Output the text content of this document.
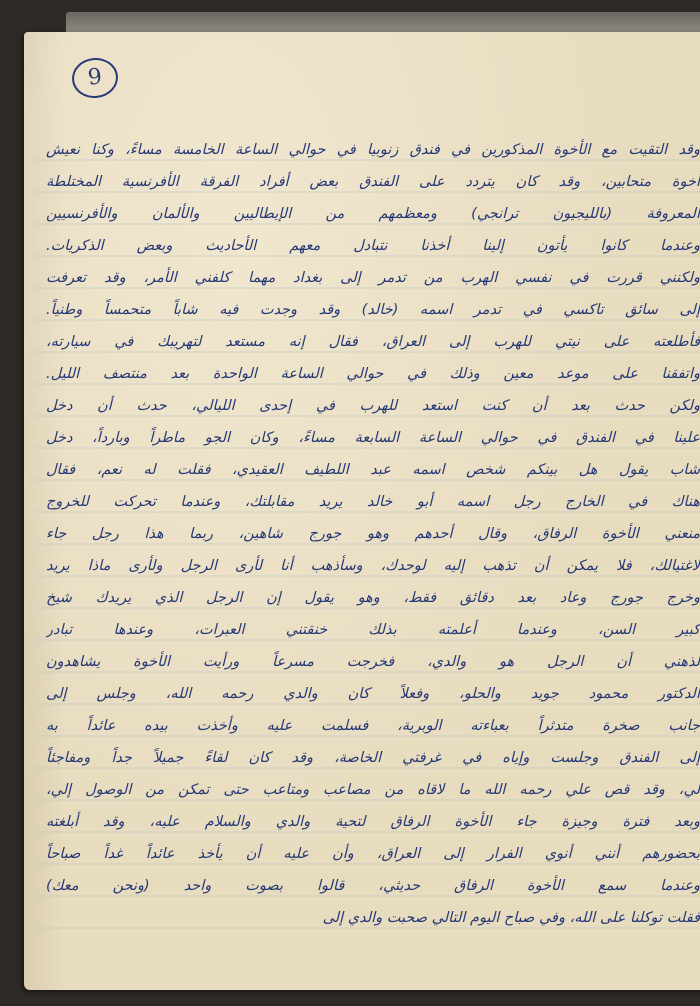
9
وقد التقيت مع الأخوة المذكورين في فندق زنوبيا في حوالي الساعة الخامسة مساءً، وكنا نعيش
أخوة متحابين، وقد كان يتردد على الفندق بعض أفراد الفرقة الأفرنسية المختلطة
المعروفة (بالليجيون ترانجي) ومعظمهم من الإيطاليين والألمان والأفرنسيين
وعندما كانوا يأتون إلينا أخذنا نتبادل معهم الأحاديث وبعض الذكريات.
ولكنني قررت في نفسي الهرب من تدمر إلى بغداد مهما كلفني الأمر، وقد تعرفت
إلى سائق تاكسي في تدمر اسمه (خالد) وقد وجدت فيه شاباً متحمساً وطنياً.
فأطلعته على نيتي للهرب إلى العراق، فقال إنه مستعد لتهريبك في سيارته،
واتفقنا على موعد معين وذلك في حوالي الساعة الواحدة بعد منتصف الليل.
ولكن حدث بعد أن كنت استعد للهرب في إحدى الليالي، حدث أن دخل
علينا في الفندق في حوالي الساعة السابعة مساءً، وكان الجو ماطراً وبارداً، دخل
شاب يقول هل بينكم شخص اسمه عبد اللطيف العقيدي، فقلت له نعم، فقال
هناك في الخارج رجل اسمه أبو خالد يريد مقابلتك، وعندما تحركت للخروج
منعني الأخوة الرفاق، وقال أحدهم وهو جورج شاهين، ربما هذا رجل جاء
لاغتيالك، فلا يمكن أن تذهب إليه لوحدك، وسأذهب أنا لأرى الرجل ولأرى ماذا يريد
وخرج جورج وعاد بعد دقائق فقط، وهو يقول إن الرجل الذي يريدك شيخ
كبير السن، وعندما أعلمته بذلك خنقتني العبرات، وعندها تبادر
لذهني أن الرجل هو والدي، فخرجت مسرعاً ورأيت الأخوة يشاهدون
الدكتور محمود جويد والحلو، وفعلاً كان والدي رحمه الله، وجلس إلى
جانب صخرة متدثراً بعباءته الوبرية، فسلمت عليه وأخذت بيده عائداً به
إلى الفندق وجلست وإياه في غرفتي الخاصة، وقد كان لقاءً جميلاً جداً ومفاجئاً
لي، وقد قص علي رحمه الله ما لاقاه من مصاعب ومتاعب حتى تمكن من الوصول إلي،
وبعد فترة وجيزة جاء الأخوة الرفاق لتحية والدي والسلام عليه، وقد أبلغته
بحضورهم أنني أنوي الفرار إلى العراق، وأن عليه أن يأخذ عائداً غداً صباحاً
وعندما سمع الأخوة الرفاق حديثي، قالوا بصوت واحد (ونحن معك)
فقلت توكلنا على الله، وفي صباح اليوم التالي صحبت والدي إلى
